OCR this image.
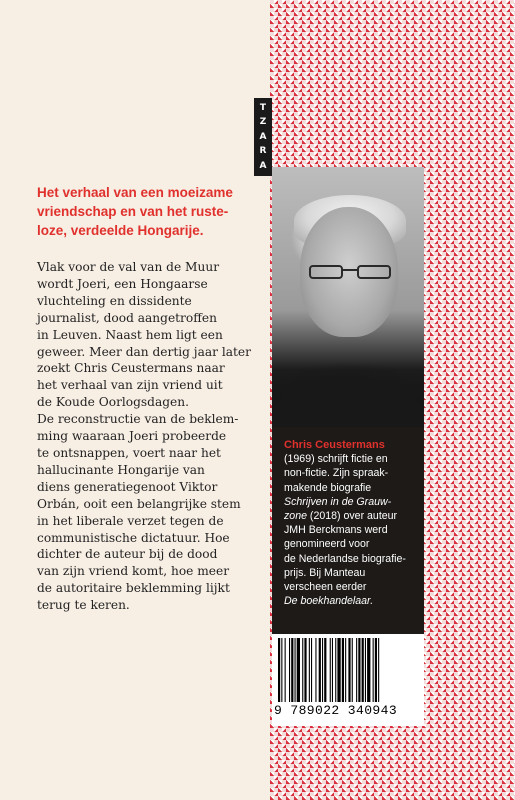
Het verhaal van een moeizame
vriendschap en van het ruste-
loze, verdeelde Hongarije.

Vlak voor de val van de Muur
wordt Joeri, een Hongaarse
vluchteling en dissidente
journalist, dood aangetroffen
in Leuven. Naast hem ligt een
geweer. Meer dan dertig jaar later
zoekt Chris Ceustermans naar
het verhaal van zijn vriend uit
de Koude Oorlogsdagen.
De reconstructie van de beklem-
ming waaraan Joeri probeerde
te ontsnappen, voert naar het
hallucinante Hongarije van
diens generatiegenoot Viktor
Orbán, ooit een belangrijke stem
in het liberale verzet tegen de
communistische dictatuur. Hoe
dichter de auteur bij de dood
van zijn vriend komt, hoe meer
de autoritaire beklemming lijkt
terug te keren.

T
Z
A
R
A

Chris Ceustermans
(1969) schrijft fictie en
non-fictie. Zijn spraak-
makende biografie
Schrijven in de Grauw-
zone (2018) over auteur
JMH Berckmans werd
genomineerd voor
de Nederlandse biografie-
prijs. Bij Manteau
verscheen eerder
De boekhandelaar.

9 789022 340943
